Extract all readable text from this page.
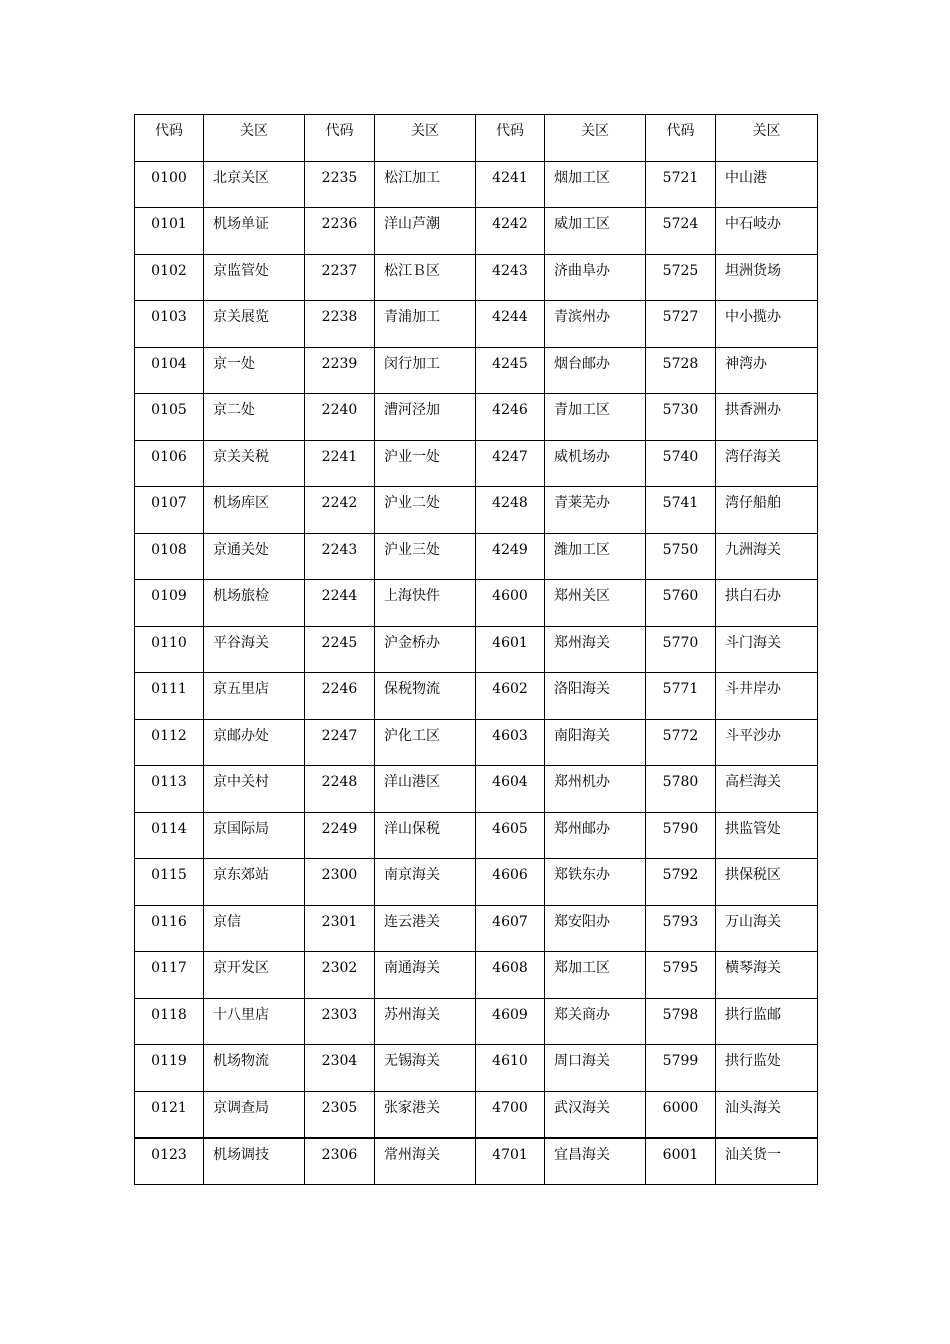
代码	关区	代码	关区	代码	关区	代码	关区
0100	北京关区	2235	松江加工	4241	烟加工区	5721	中山港
0101	机场单证	2236	洋山芦潮	4242	威加工区	5724	中石岐办
0102	京监管处	2237	松江Ｂ区	4243	济曲阜办	5725	坦洲货场
0103	京关展览	2238	青浦加工	4244	青滨州办	5727	中小揽办
0104	京一处	2239	闵行加工	4245	烟台邮办	5728	神湾办
0105	京二处	2240	漕河泾加	4246	青加工区	5730	拱香洲办
0106	京关关税	2241	沪业一处	4247	威机场办	5740	湾仔海关
0107	机场库区	2242	沪业二处	4248	青莱芜办	5741	湾仔船舶
0108	京通关处	2243	沪业三处	4249	潍加工区	5750	九洲海关
0109	机场旅检	2244	上海快件	4600	郑州关区	5760	拱白石办
0110	平谷海关	2245	沪金桥办	4601	郑州海关	5770	斗门海关
0111	京五里店	2246	保税物流	4602	洛阳海关	5771	斗井岸办
0112	京邮办处	2247	沪化工区	4603	南阳海关	5772	斗平沙办
0113	京中关村	2248	洋山港区	4604	郑州机办	5780	高栏海关
0114	京国际局	2249	洋山保税	4605	郑州邮办	5790	拱监管处
0115	京东郊站	2300	南京海关	4606	郑铁东办	5792	拱保税区
0116	京信	2301	连云港关	4607	郑安阳办	5793	万山海关
0117	京开发区	2302	南通海关	4608	郑加工区	5795	横琴海关
0118	十八里店	2303	苏州海关	4609	郑关商办	5798	拱行监邮
0119	机场物流	2304	无锡海关	4610	周口海关	5799	拱行监处
0121	京调查局	2305	张家港关	4700	武汉海关	6000	汕头海关
0123	机场调技	2306	常州海关	4701	宜昌海关	6001	汕关货一
